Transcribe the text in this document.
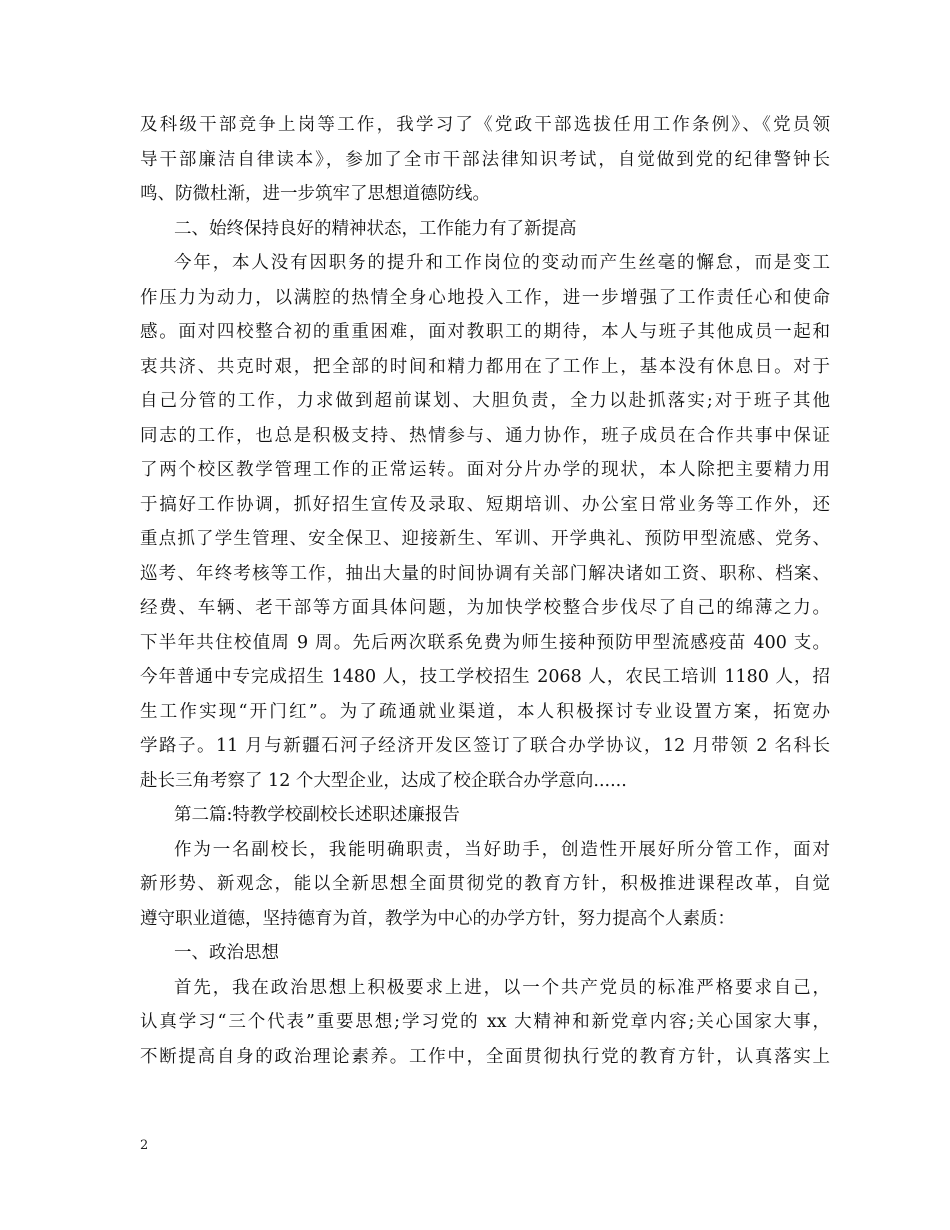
及科级干部竞争上岗等工作，我学习了《党政干部选拔任用工作条例》、《党员领
导干部廉洁自律读本》，参加了全市干部法律知识考试，自觉做到党的纪律警钟长
鸣、防微杜渐，进一步筑牢了思想道德防线。
二、始终保持良好的精神状态，工作能力有了新提高
今年，本人没有因职务的提升和工作岗位的变动而产生丝毫的懈怠，而是变工
作压力为动力，以满腔的热情全身心地投入工作，进一步增强了工作责任心和使命
感。面对四校整合初的重重困难，面对教职工的期待，本人与班子其他成员一起和
衷共济、共克时艰，把全部的时间和精力都用在了工作上，基本没有休息日。对于
自己分管的工作，力求做到超前谋划、大胆负责，全力以赴抓落实;对于班子其他
同志的工作，也总是积极支持、热情参与、通力协作，班子成员在合作共事中保证
了两个校区教学管理工作的正常运转。面对分片办学的现状，本人除把主要精力用
于搞好工作协调，抓好招生宣传及录取、短期培训、办公室日常业务等工作外，还
重点抓了学生管理、安全保卫、迎接新生、军训、开学典礼、预防甲型流感、党务、
巡考、年终考核等工作，抽出大量的时间协调有关部门解决诸如工资、职称、档案、
经费、车辆、老干部等方面具体问题，为加快学校整合步伐尽了自己的绵薄之力。
下半年共住校值周 9 周。先后两次联系免费为师生接种预防甲型流感疫苗 400 支。
今年普通中专完成招生 1480 人，技工学校招生 2068 人，农民工培训 1180 人，招
生工作实现“开门红”。为了疏通就业渠道，本人积极探讨专业设置方案，拓宽办
学路子。11 月与新疆石河子经济开发区签订了联合办学协议，12 月带领 2 名科长
赴长三角考察了 12 个大型企业，达成了校企联合办学意向......
第二篇:特教学校副校长述职述廉报告
作为一名副校长，我能明确职责，当好助手，创造性开展好所分管工作，面对
新形势、新观念，能以全新思想全面贯彻党的教育方针，积极推进课程改革，自觉
遵守职业道德，坚持德育为首，教学为中心的办学方针，努力提高个人素质：
一、政治思想
首先，我在政治思想上积极要求上进，以一个共产党员的标准严格要求自己，
认真学习“三个代表”重要思想;学习党的 xx 大精神和新党章内容;关心国家大事，
不断提高自身的政治理论素养。工作中，全面贯彻执行党的教育方针，认真落实上
2
